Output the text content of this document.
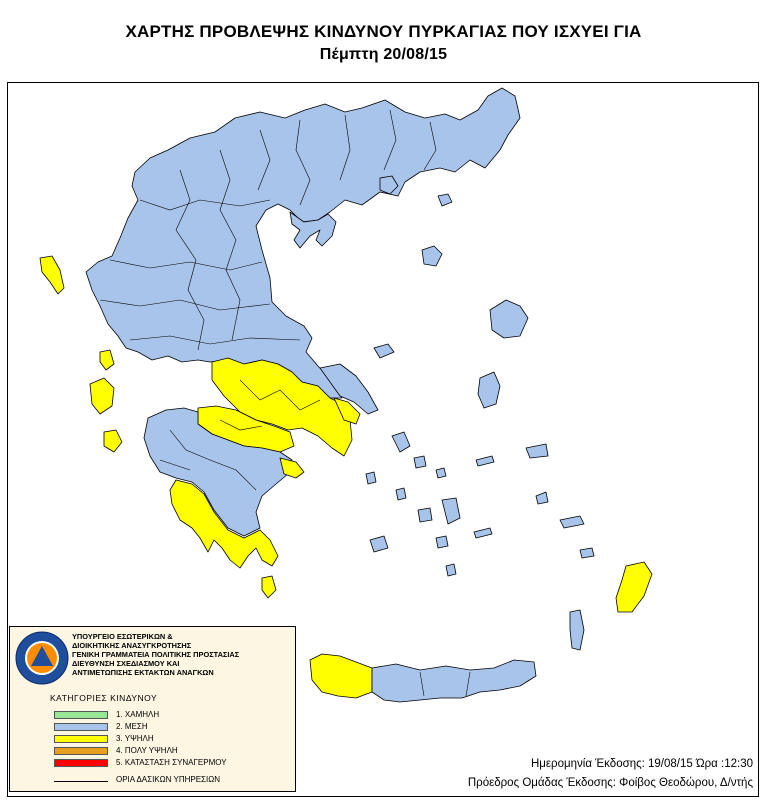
ΧΑΡΤΗΣ ΠΡΟΒΛΕΨΗΣ ΚΙΝΔΥΝΟΥ ΠΥΡΚΑΓΙΑΣ ΠΟΥ ΙΣΧΥΕΙ ΓΙΑ
Πέμπτη 20/08/15
ΥΠΟΥΡΓΕΙΟ ΕΣΩΤΕΡΙΚΩΝ &
ΔΙΟΙΚΗΤΙΚΗΣ ΑΝΑΣΥΓΚΡΟΤΗΣΗΣ
ΓΕΝΙΚΗ ΓΡΑΜΜΑΤΕΙΑ ΠΟΛΙΤΙΚΗΣ ΠΡΟΣΤΑΣΙΑΣ
ΔΙΕΥΘΥΝΣΗ ΣΧΕΔΙΑΣΜΟΥ ΚΑΙ
ΑΝΤΙΜΕΤΩΠΙΣΗΣ ΕΚΤΑΚΤΩΝ ΑΝΑΓΚΩΝ
ΚΑΤΗΓΟΡΙΕΣ ΚΙΝΔΥΝΟΥ
1. ΧΑΜΗΛΗ
2. ΜΕΣΗ
3. ΥΨΗΛΗ
4. ΠΟΛΥ ΥΨΗΛΗ
5. ΚΑΤΑΣΤΑΣΗ ΣΥΝΑΓΕΡΜΟΥ
ΟΡΙΑ ΔΑΣΙΚΩΝ ΥΠΗΡΕΣΙΩΝ
Ημερομηνία Έκδοσης: 19/08/15 Ώρα :12:30
Πρόεδρος Ομάδας Έκδοσης: Φοίβος Θεοδώρου, Δ/ντής
